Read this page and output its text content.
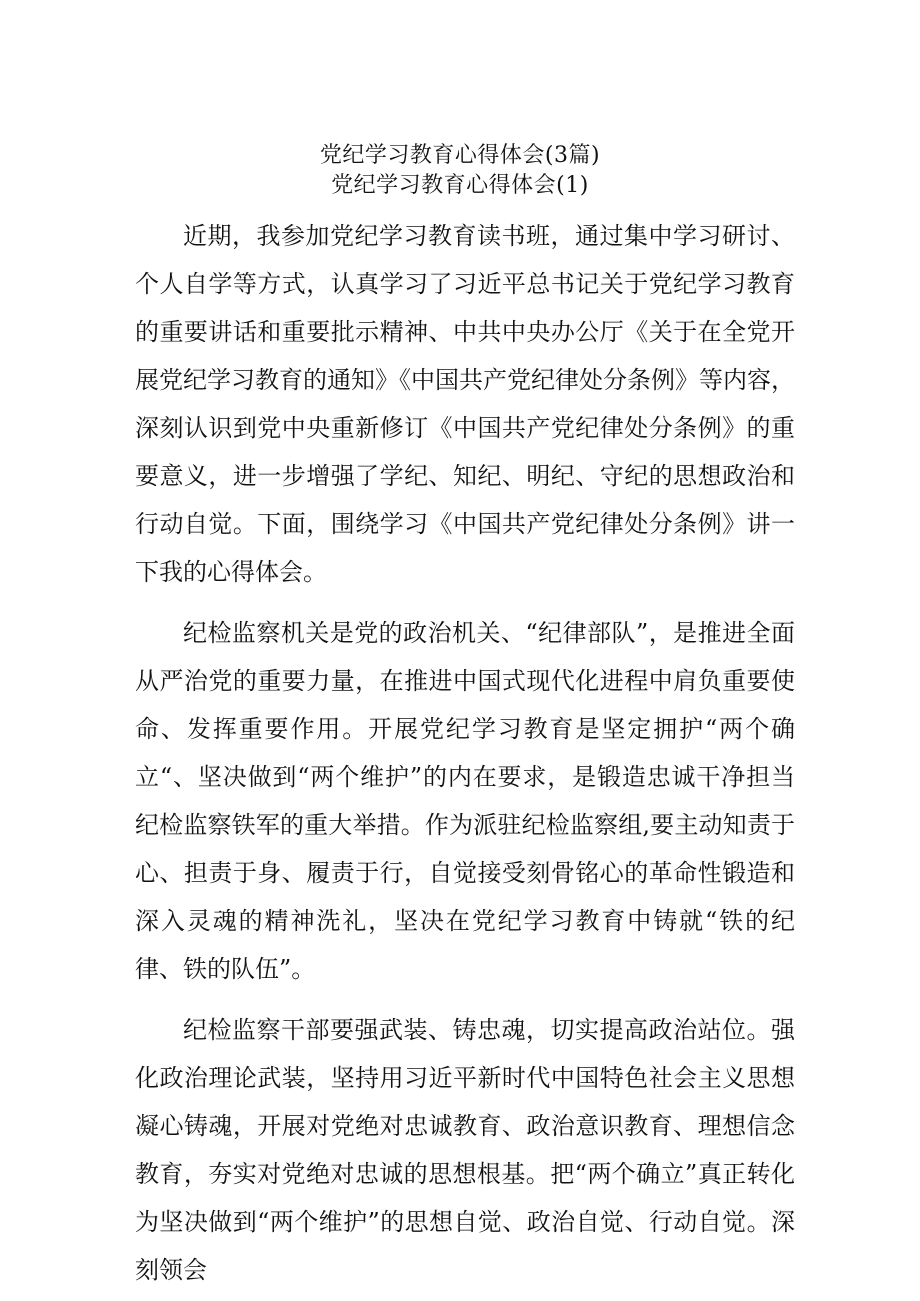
党纪学习教育心得体会(3篇)
党纪学习教育心得体会(1)

近期，我参加党纪学习教育读书班，通过集中学习研讨、个人自学等方式，认真学习了习近平总书记关于党纪学习教育的重要讲话和重要批示精神、中共中央办公厅《关于在全党开展党纪学习教育的通知》《中国共产党纪律处分条例》等内容，深刻认识到党中央重新修订《中国共产党纪律处分条例》的重要意义，进一步增强了学纪、知纪、明纪、守纪的思想政治和行动自觉。下面，围绕学习《中国共产党纪律处分条例》讲一下我的心得体会。

纪检监察机关是党的政治机关、“纪律部队”，是推进全面从严治党的重要力量，在推进中国式现代化进程中肩负重要使命、发挥重要作用。开展党纪学习教育是坚定拥护“两个确立“、坚决做到“两个维护”的内在要求，是锻造忠诚干净担当纪检监察铁军的重大举措。作为派驻纪检监察组,要主动知责于心、担责于身、履责于行，自觉接受刻骨铭心的革命性锻造和深入灵魂的精神洗礼，坚决在党纪学习教育中铸就“铁的纪律、铁的队伍”。

纪检监察干部要强武装、铸忠魂，切实提高政治站位。强化政治理论武装，坚持用习近平新时代中国特色社会主义思想凝心铸魂，开展对党绝对忠诚教育、政治意识教育、理想信念教育，夯实对党绝对忠诚的思想根基。把“两个确立”真正转化为坚决做到“两个维护”的思想自觉、政治自觉、行动自觉。深刻领会
